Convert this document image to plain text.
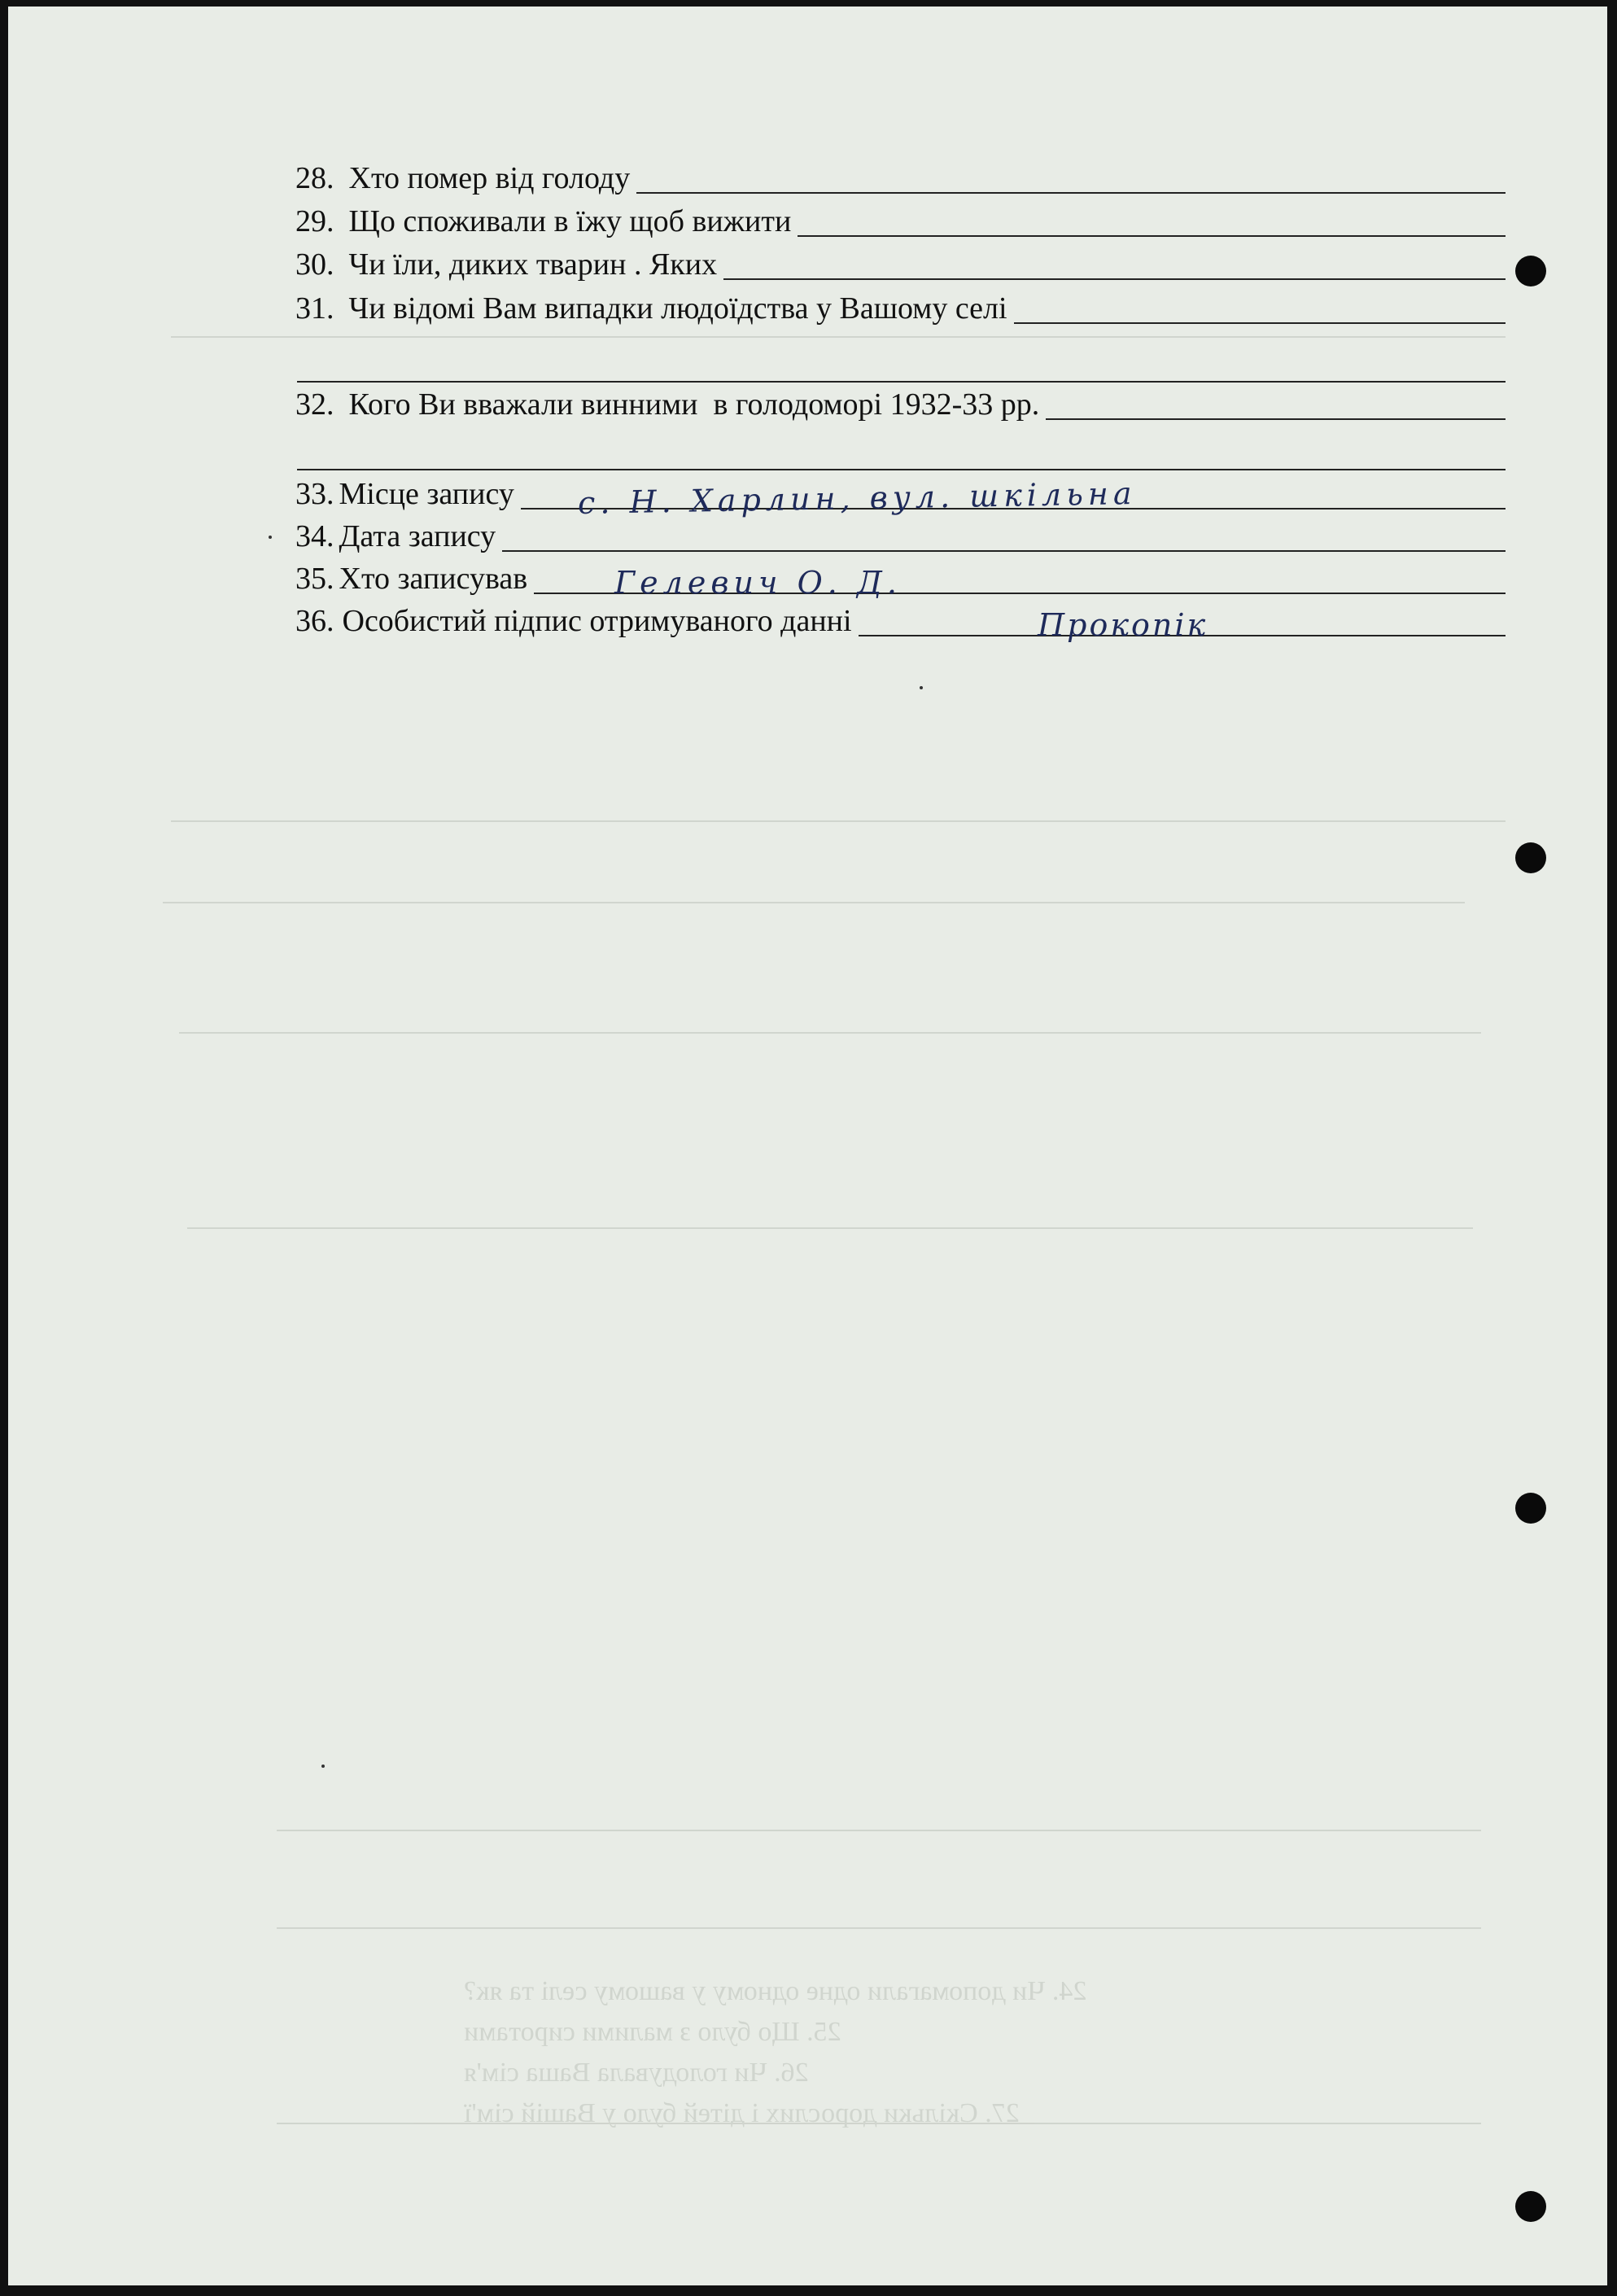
24. Чи допомагали одне одному у вашому селі та як?
25. Що було з малими сиротами
26. Чи голодувала Ваша сім'я
27. Скільки дорослих і дітей було у Вашій сім'ї
28. Хто помер від голоду
29. Що споживали в їжу щоб вижити
30. Чи їли, диких тварин . Яких
31. Чи відомі Вам випадки людоїдства у Вашому селі
32. Кого Ви вважали винними  в голодоморі 1932-33 рр.
33. Місце запису
34. Дата запису
35. Хто записував
36. Особистий підпис отримуваного данні
с. Н. Харлин, вул. шкільна
Гелевич О. Д.
Прокопік
